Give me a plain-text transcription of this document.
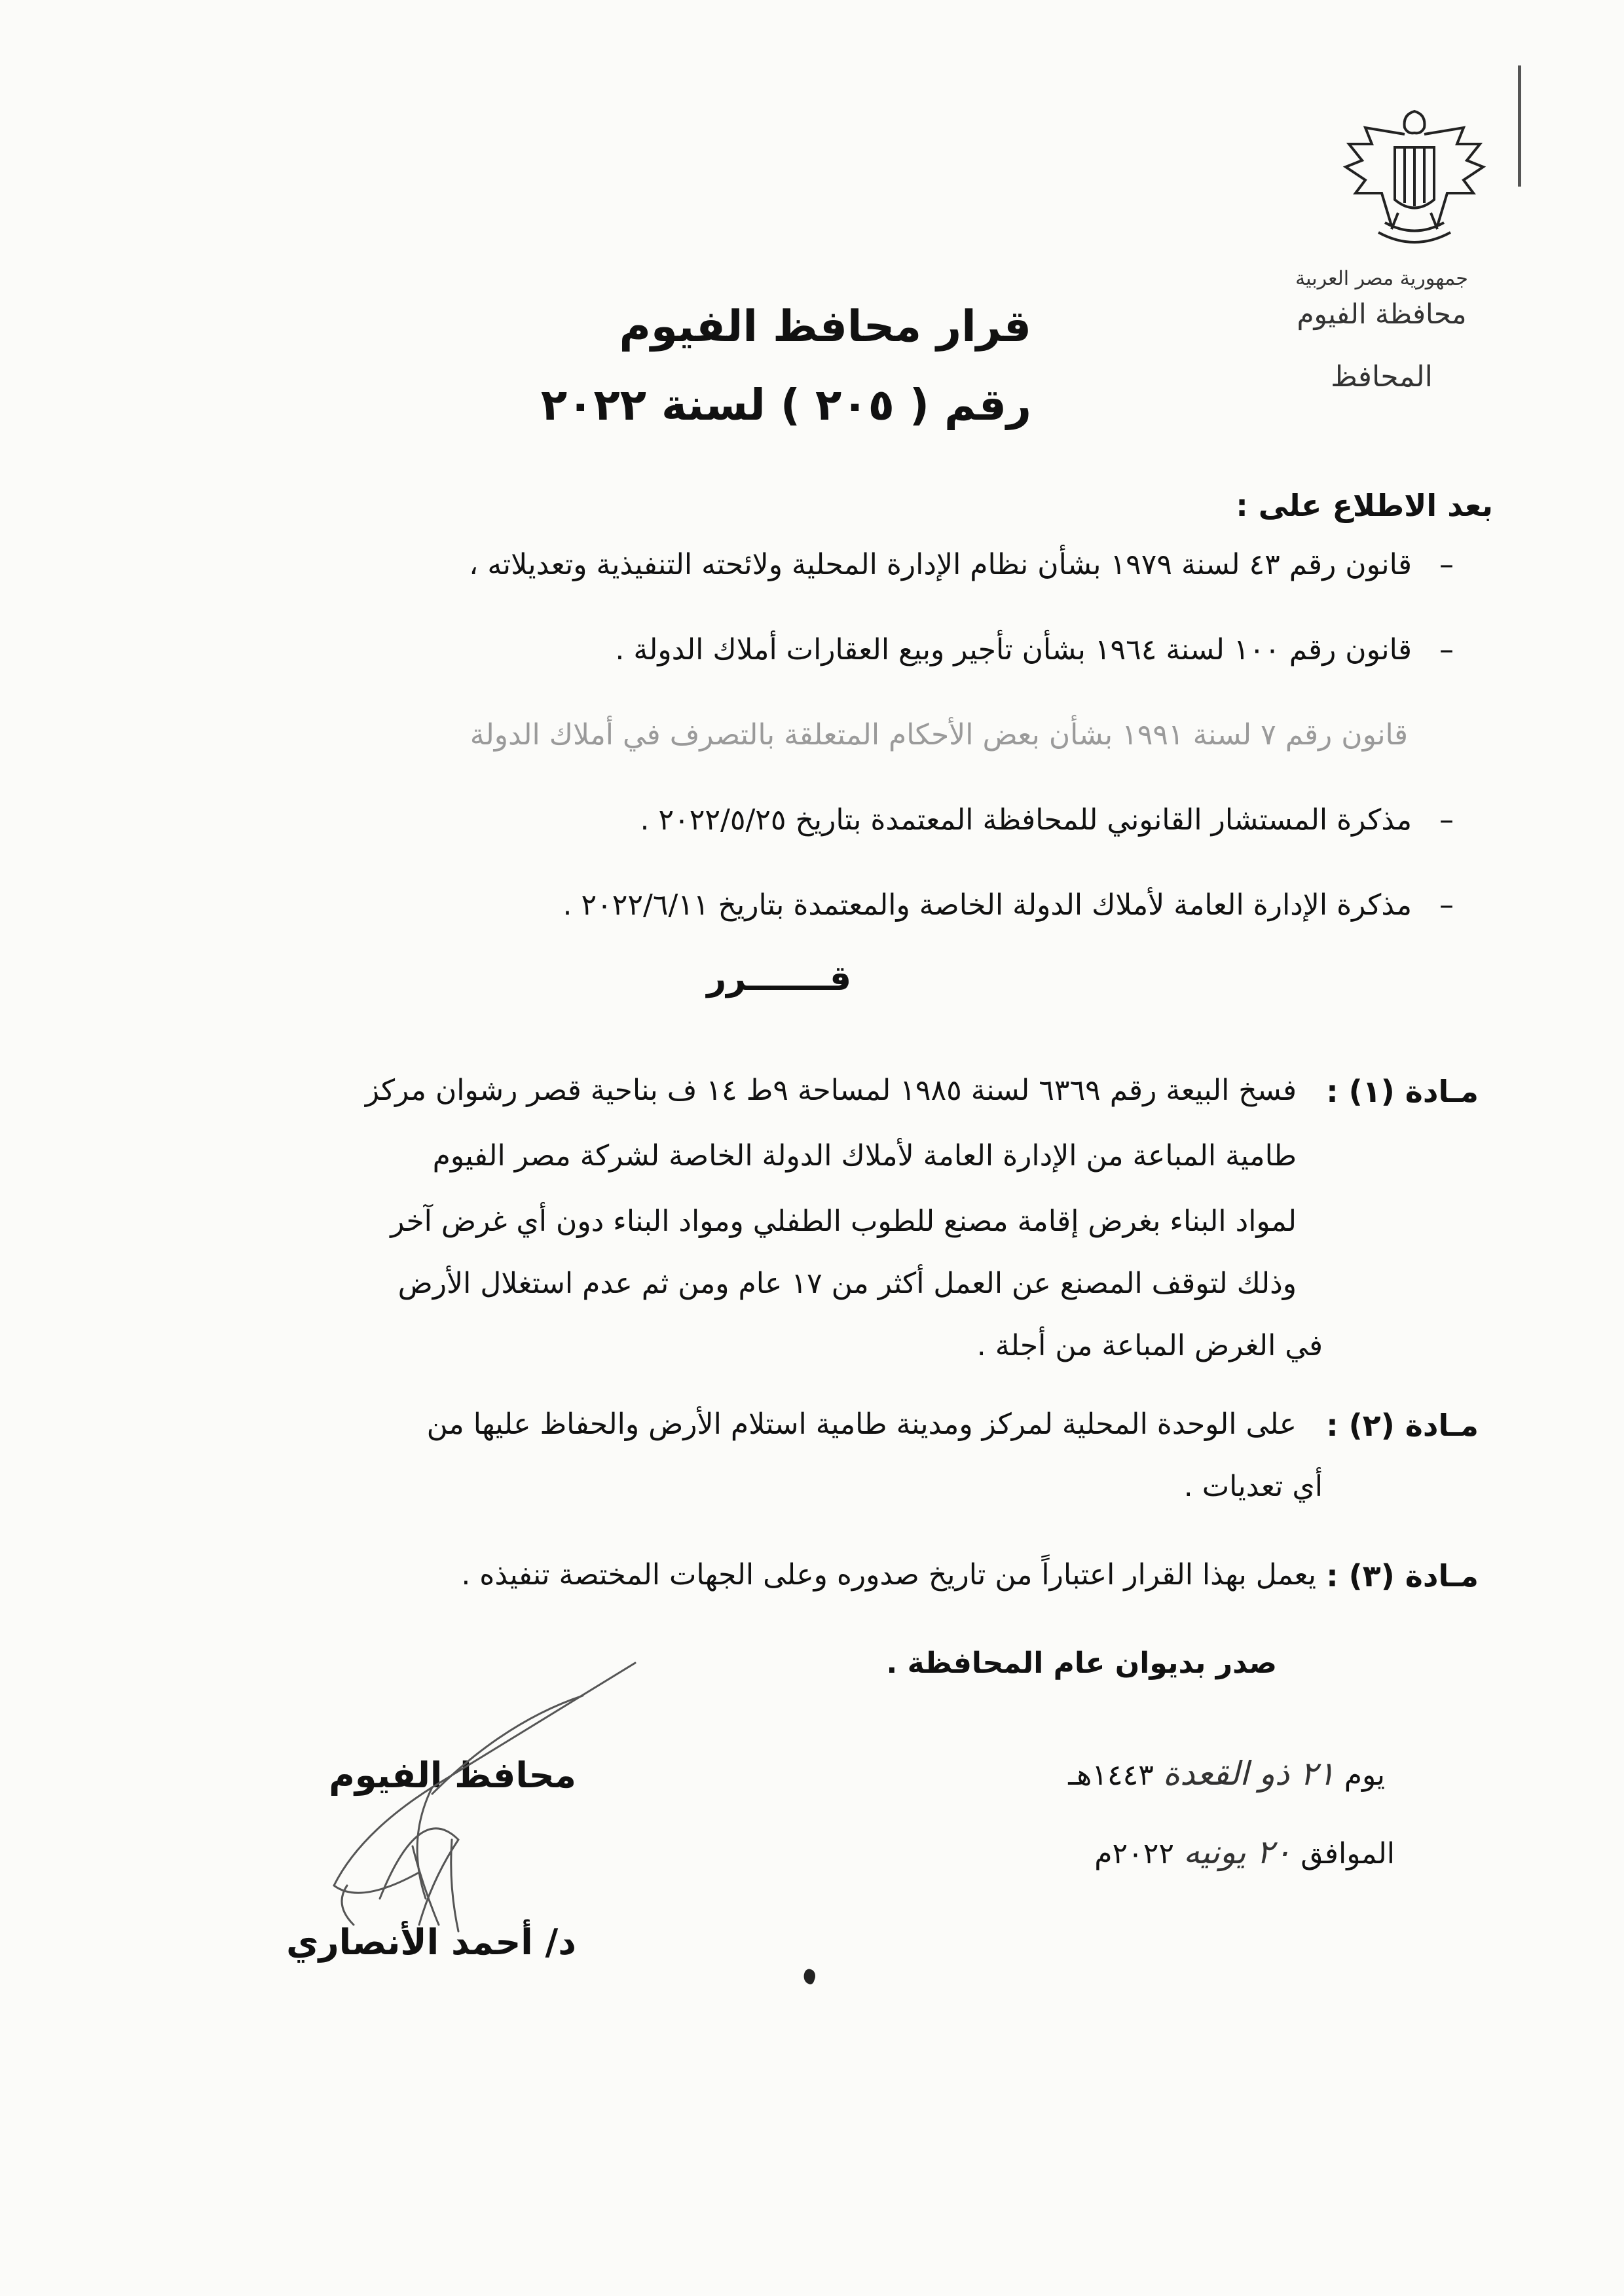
جمهورية مصر العربية
محافظة الفيوم
المحافظ
قرار محافظ الفيوم
رقم ( ٢٠٥ ) لسنة ٢٠٢٢
بعد الاطلاع على :
–   قانون رقم ٤٣ لسنة ١٩٧٩ بشأن نظام الإدارة المحلية ولائحته التنفيذية وتعديلاته ،
–   قانون رقم ١٠٠ لسنة ١٩٦٤ بشأن تأجير وبيع العقارات أملاك الدولة .
قانون رقم ٧ لسنة ١٩٩١ بشأن بعض الأحكام المتعلقة بالتصرف في أملاك الدولة
–   مذكرة المستشار القانوني للمحافظة المعتمدة بتاريخ ٢٠٢٢/٥/٢٥ .
–   مذكرة الإدارة العامة لأملاك الدولة الخاصة والمعتمدة بتاريخ ٢٠٢٢/٦/١١ .
قـــــــرر
مـادة (١) :
فسخ البيعة رقم ٦٣٦٩ لسنة ١٩٨٥ لمساحة ٩ط ١٤ ف بناحية قصر رشوان مركز
طامية المباعة من الإدارة العامة لأملاك الدولة الخاصة لشركة مصر الفيوم
لمواد البناء بغرض إقامة مصنع للطوب الطفلي ومواد البناء دون أي غرض آخر
وذلك لتوقف المصنع عن العمل أكثر من ١٧ عام ومن ثم عدم استغلال الأرض
في الغرض المباعة من أجلة .
مـادة (٢) :
على الوحدة المحلية لمركز ومدينة طامية استلام الأرض والحفاظ عليها من
أي تعديات .
مـادة (٣) :
يعمل بهذا القرار اعتباراً من تاريخ صدوره وعلى الجهات المختصة تنفيذه .
صدر بديوان عام المحافظة .
يوم ٢١ ذو القعدة ١٤٤٣هـ
الموافق ٢٠ يونيه ٢٠٢٢م
محافظ الفيوم
د/ أحمد الأنصاري
